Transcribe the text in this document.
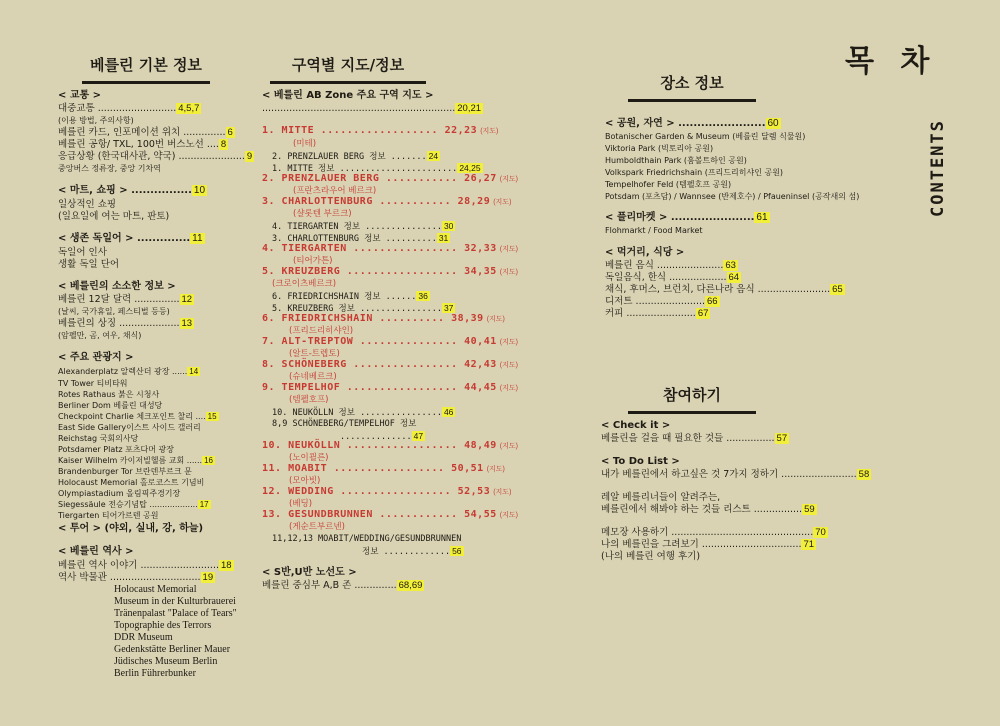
목 차
CONTENTS
베를린 기본 정보	구역별 지도/정보
장소 정보
참여하기
< 교통 >
대중교통 .......................... 4,5,7
(이용 방법, 주의사항)
베를린 카드, 인포메이션 위치 .............. 6
베를린 공항/ TXL, 100번 버스노선 .... 8
응급상황 (한국대사관, 약국) ...................... 9
중앙버스 정류장, 중앙 기차역
< 마트, 쇼핑 > ................ 10
일상적인 쇼핑
(일요일에 여는 마트, 판토)
< 생존 독일어 > .............. 11
독일어 인사
생활 독일 단어
< 베를린의 소소한 정보 >
베를린 12달 달력 ............... 12
(날씨, 국가휴일, 페스티벌 등등)
베를린의 상징 .................... 13
(암펠만, 곰, 여우, 채식)
< 주요 관광지 >
Alexanderplatz 알렉산더 광장 ...... 14
TV Tower 티비타워
Rotes Rathaus 붉은 시청사
Berliner Dom 베를린 대성당
Checkpoint Charlie 체크포인트 찰리 .... 15
East Side Gallery이스트 사이드 갤러리
Reichstag 국회의사당
Potsdamer Platz 포츠다머 광장
Kaiser Wilhelm 카이저빌헬름 교회 ...... 16
Brandenburger Tor 브란덴부르크 문
Holocaust Memorial 홀로코스트 기념비
Olympiastadium 올림픽주경기장
Siegessäule 전승기념탑 ................... 17
Tiergarten 티어가르텐 공원
< 투어 > (야외, 실내, 강, 하늘)
< 베를린 역사 >
베를린 역사 이야기 .......................... 18
역사 박물관 .............................. 19
Holocaust Memorial
Museum in der Kulturbrauerei
Tränenpalast "Palace of Tears"
Topographie des Terrors
DDR Museum
Gedenkstätte Berliner Mauer
Jüdisches Museum Berlin
Berlin Führerbunker
< 베를린 AB Zone 주요 구역 지도 >
................................................................ 20,21
1. MITTE .................. 22,23 (지도)
(미테)
2. PRENZLAUER BERG 정보 ....... 24
1. MITTE 정보 ....................... 24,25
2. PRENZLAUER BERG ........... 26,27 (지도)
(프란츠라우어 베르크)
3. CHARLOTTENBURG ........... 28,29 (지도)
(샬롯텐 부르크)
4. TIERGARTEN 정보 ............... 30
3. CHARLOTTENBURG 정보 .......... 31
4. TIERGARTEN ................ 32,33 (지도)
(티어가튼)
5. KREUZBERG ................. 34,35 (지도)
(크로이츠베르크)
6. FRIEDRICHSHAIN 정보 ...... 36
5. KREUZBERG 정보 ................ 37
6. FRIEDRICHSHAIN .......... 38,39 (지도)
(프리드리히샤인)
7. ALT-TREPTOW ............... 40,41 (지도)
(알트-트렙토)
8. SCHÖNEBERG ................ 42,43 (지도)
(슈네베르크)
9. TEMPELHOF ................. 44,45 (지도)
(템펠호프)
10. NEUKÖLLN 정보 ................ 46
8,9 SCHÖNEBERG/TEMPELHOF 정보
.............. 47
10. NEUKÖLLN ................. 48,49 (지도)
(노이쾰른)
11. MOABIT ................. 50,51 (지도)
(모아빗)
12. WEDDING ................. 52,53 (지도)
(베딩)
13. GESUNDBRUNNEN ............ 54,55 (지도)
(게순트부르넨)
11,12,13 MOABIT/WEDDING/GESUNDBRUNNEN
정보 ............. 56
< S반,U반 노선도 >
베를린 중심부 A,B 존 .............. 68,69
< 공원, 자연 > ....................... 60
Botanischer Garden & Museum (베를린 달렘 식물원)
Viktoria Park (빅토리아 공원)
Humboldthain Park (훔볼트하인 공원)
Volkspark Friedrichshain (프리드리히샤인 공원)
Tempelhofer Feld (템펠호프 공원)
Potsdam (포츠담) / Wannsee (반제호수) / Pfaueninsel (공작새의 섬)
< 플리마켓 > ...................... 61
Flohmarkt / Food Market
< 먹거리, 식당 >
베를린 음식 ...................... 63
독일음식, 한식 ................... 64
채식, 후머스, 브런치, 다른나라 음식 ........................ 65
디저트 ....................... 66
커피 ....................... 67
< Check it >
베를린을 걸을 때 필요한 것들 ................ 57
< To Do List >
내가 베를린에서 하고싶은 것 7가지 정하기 ......................... 58
레알 베를리너들이 알려주는,
베를린에서 해봐야 하는 것들 리스트 ................ 59
메모장 사용하기 ............................................... 70
나의 베를린을 그려보기 ................................. 71
(나의 베를린 여행 후기)
